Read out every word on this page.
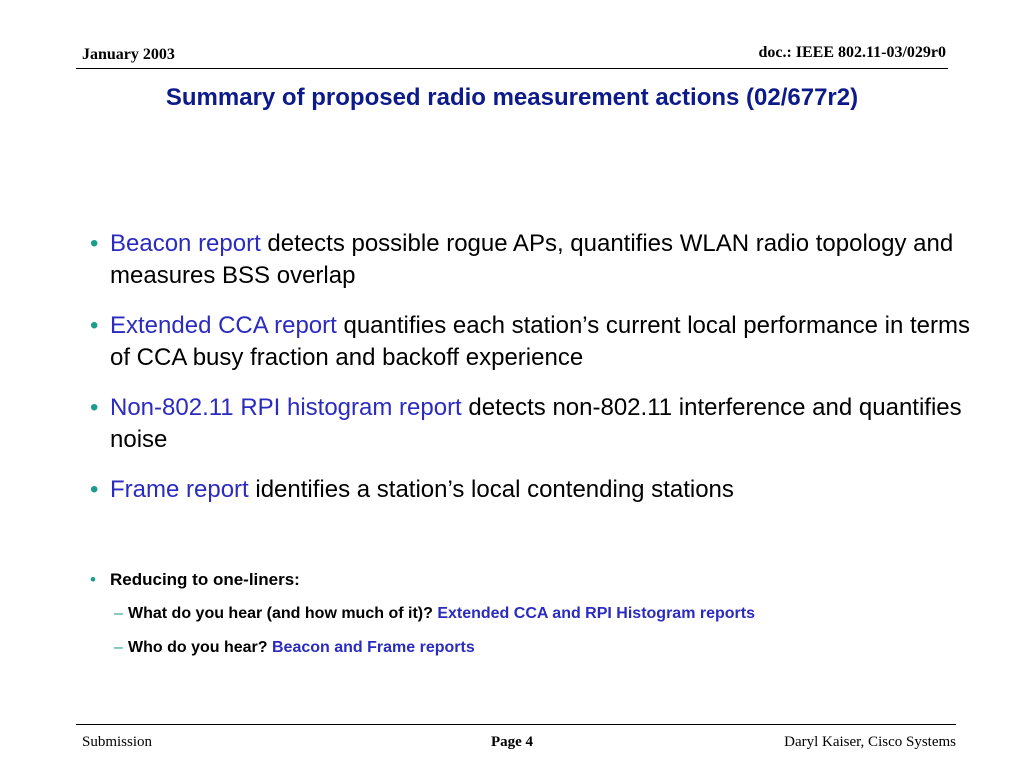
January 2003	doc.: IEEE 802.11-03/029r0
Summary of proposed radio measurement actions (02/677r2)
• Beacon report detects possible rogue APs, quantifies WLAN radio topology and measures BSS overlap
• Extended CCA report quantifies each station’s current local performance in terms of CCA busy fraction and backoff experience
• Non-802.11 RPI histogram report detects non-802.11 interference and quantifies noise
• Frame report identifies a station’s local contending stations
• Reducing to one-liners:
– What do you hear (and how much of it)? Extended CCA and RPI Histogram reports
– Who do you hear? Beacon and Frame reports
Submission	Page 4	Daryl Kaiser, Cisco Systems
